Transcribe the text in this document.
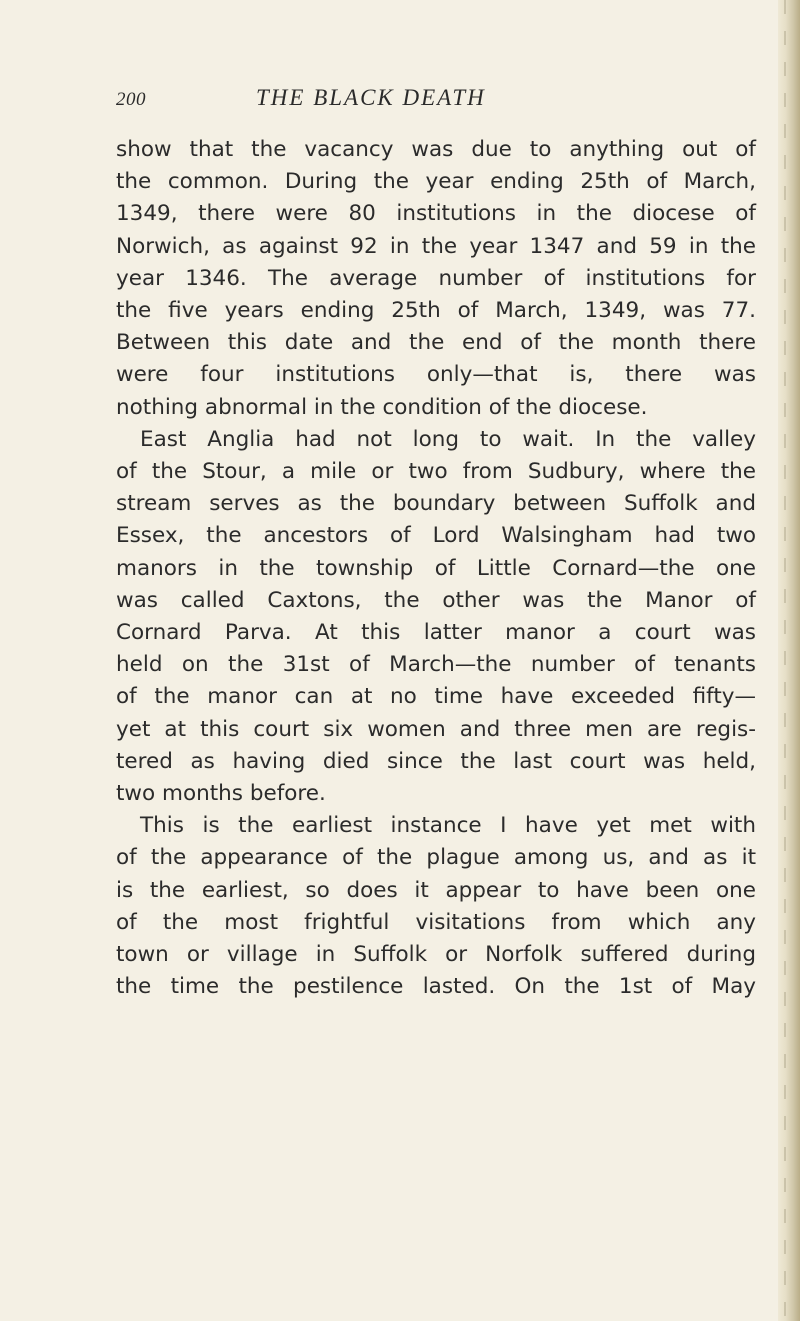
200	THE BLACK DEATH
show that the vacancy was due to anything out of
the common. During the year ending 25th of March,
1349, there were 80 institutions in the diocese of
Norwich, as against 92 in the year 1347 and 59 in the
year 1346. The average number of institutions for
the five years ending 25th of March, 1349, was 77.
Between this date and the end of the month there
were four institutions only—that is, there was
nothing abnormal in the condition of the diocese.
East Anglia had not long to wait. In the valley
of the Stour, a mile or two from Sudbury, where the
stream serves as the boundary between Suffolk and
Essex, the ancestors of Lord Walsingham had two
manors in the township of Little Cornard—the one
was called Caxtons, the other was the Manor of
Cornard Parva. At this latter manor a court was
held on the 31st of March—the number of tenants
of the manor can at no time have exceeded fifty—
yet at this court six women and three men are regis-
tered as having died since the last court was held,
two months before.
This is the earliest instance I have yet met with
of the appearance of the plague among us, and as it
is the earliest, so does it appear to have been one
of the most frightful visitations from which any
town or village in Suffolk or Norfolk suffered during
the time the pestilence lasted. On the 1st of May
